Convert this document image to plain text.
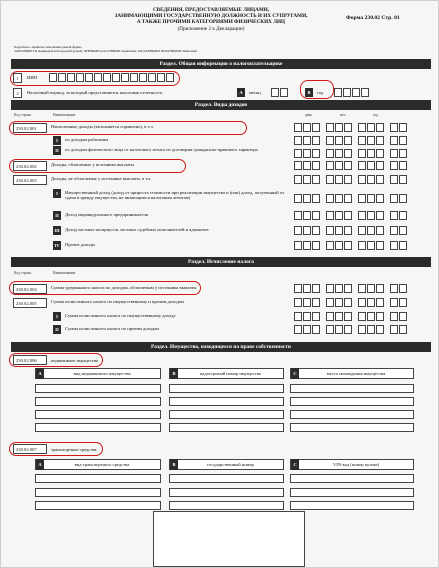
СВЕДЕНИЯ, ПРЕДОСТАВЛЯЕМЫЕ ЛИЦАМИ,
ЗАНИМАЮЩИМИ ГОСУДАРСТВЕННУЮ ДОЛЖНОСТЬ И ИХ СУПРУГАМИ,
А ТАКЖЕ ПРОЧИМИ КАТЕГОРИЯМИ ФИЗИЧЕСКИХ ЛИЦ
(Приложение 2 к Декларации)
Форма 230.02 Стр. 01
Подробнее о правилах заполнения данной формы
ЗАПОЛНЯЕТСЯ шариковой или перьевой ручкой, ЧЕРНЫМИ или СИНИМИ чернилами, ЗАГЛАВНЫМИ ПЕЧАТНЫМИ символами
Раздел. Общая информация о налогоплательщике
1	ИИН
2	Налоговый период, за который представляется налоговая отчетность:	A	месяц	B	год
Раздел. Виды доходов
Код строки	Наименование	день	мес.	год
230.02.001	Начисленные доходы (заполняется справочно), в т.ч.
I	по доходам работника
II	по доходам физического лица от налогового агента по договорам гражданско-правового характера
230.02.002	Доходы, облагаемые у источника выплаты
230.02.003	Доходы, не облагаемые у источника выплаты, в т.ч.
I	Имущественный доход (доход от прироста стоимости при реализации имущества и (или) доход, полученный от сдачи в аренду имущества, не являющимся налоговым агентам)
II	Доход индивидуального предпринимателя
III Доход частных нотариусов, частных судебных исполнителей и адвокатов
IV	Прочие доходы
Раздел. Исчисление налога
Код строки	Наименование
230.02.004	Сумма удержанного налога по доходам, облагаемым у источника выплаты
230.02.005	Сумма исчисленного налога по имущественному и прочим доходам
I	Сумма исчисленного налога по имущественному доходу
II	Сумма исчисленного налога по прочим доходам
Раздел. Имущество, находящееся на праве собственности
230.02.006	недвижимое имущество
A	вид недвижимого имущества	B	кадастровый номер имущества	C	место нахождения имущества
230.02.007	транспортные средства
A	вид транспортного средства	B	государственный номер	C	VIN-код (номер кузова)
